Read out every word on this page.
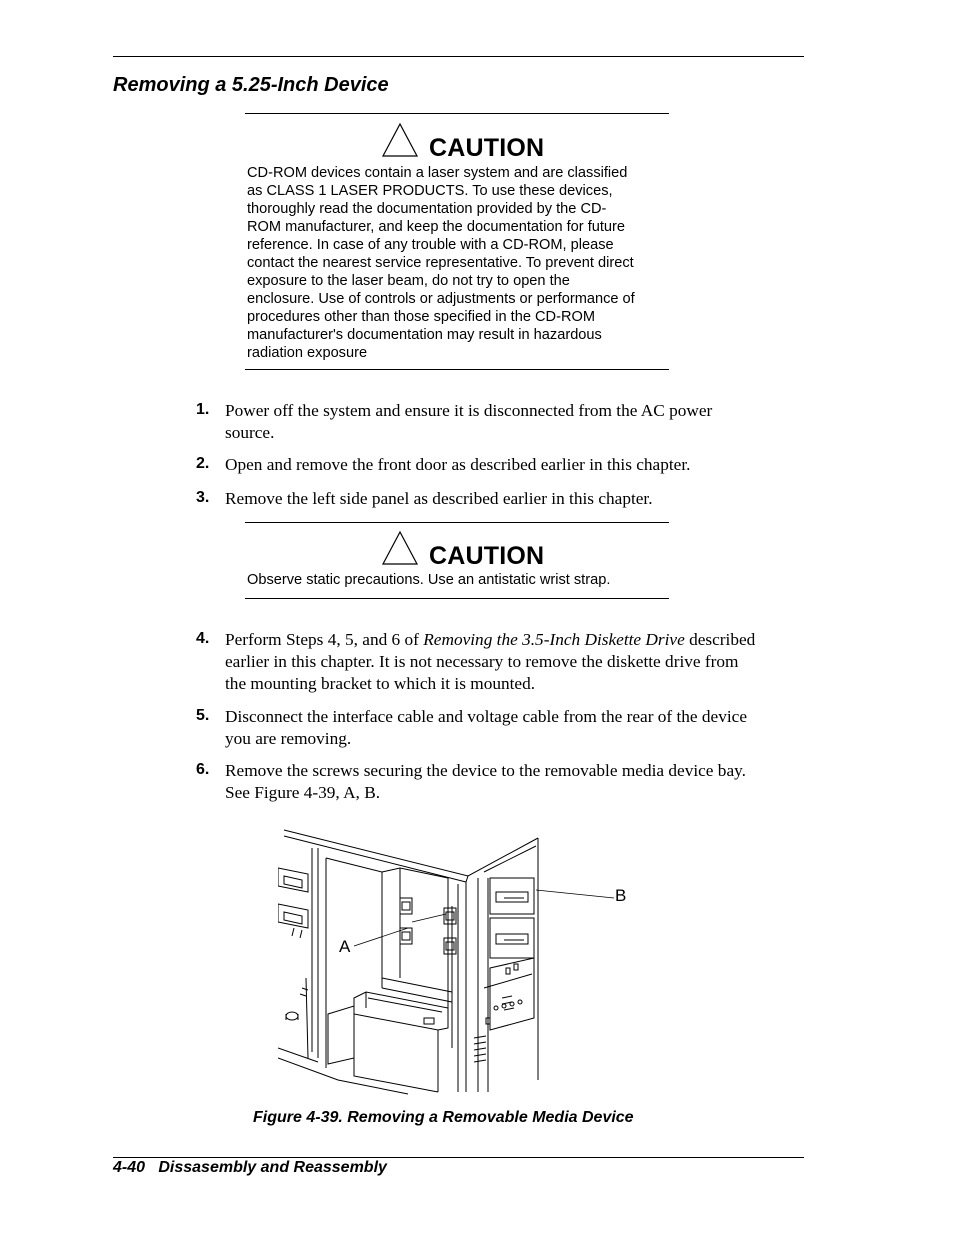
Removing a 5.25-Inch Device
CAUTION
CD-ROM devices contain a laser system and are classified
as CLASS 1 LASER PRODUCTS. To use these devices,
thoroughly read the documentation provided by the CD-
ROM manufacturer, and keep the documentation for future
reference. In case of any trouble with a CD-ROM, please
contact the nearest service representative. To prevent direct
exposure to the laser beam, do not try to open the
enclosure. Use of controls or adjustments or performance of
procedures other than those specified in the CD-ROM
manufacturer's documentation may result in hazardous
radiation exposure
1. Power off the system and ensure it is disconnected from the AC power
source.
2. Open and remove the front door as described earlier in this chapter.
3. Remove the left side panel as described earlier in this chapter.
CAUTION
Observe static precautions. Use an antistatic wrist strap.
4. Perform Steps 4, 5, and 6 of Removing the 3.5-Inch Diskette Drive described
earlier in this chapter. It is not necessary to remove the diskette drive from
the mounting bracket to which it is mounted.
5. Disconnect the interface cable and voltage cable from the rear of the device
you are removing.
6. Remove the screws securing the device to the removable media device bay.
See Figure 4-39, A, B.
A
B
Figure 4-39. Removing a Removable Media Device
4-40   Dissasembly and Reassembly
